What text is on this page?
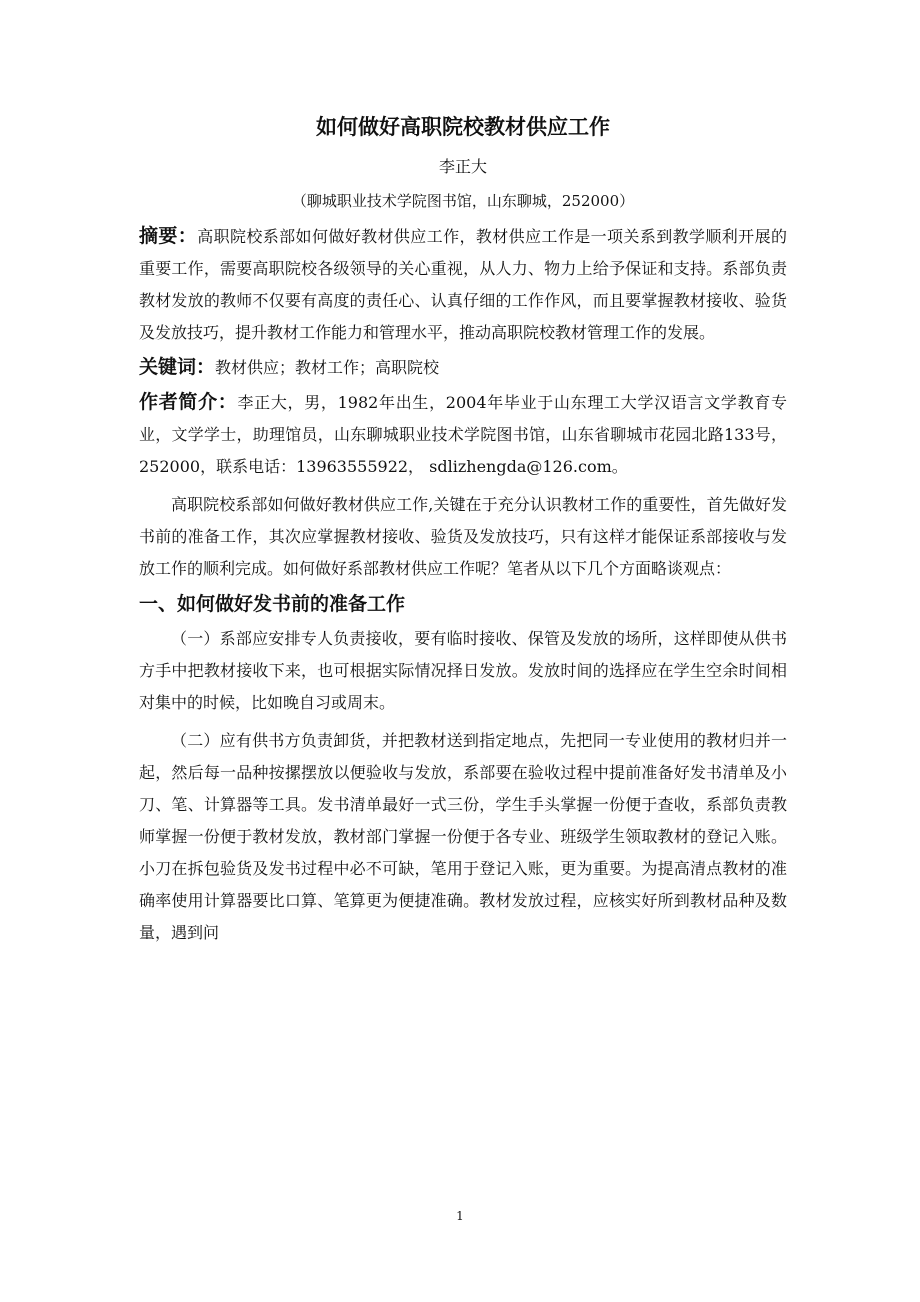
如何做好高职院校教材供应工作
李正大
（聊城职业技术学院图书馆，山东聊城，252000）

摘要：高职院校系部如何做好教材供应工作，教材供应工作是一项关系到教学顺利开展的重要工作，需要高职院校各级领导的关心重视，从人力、物力上给予保证和支持。系部负责教材发放的教师不仅要有高度的责任心、认真仔细的工作作风，而且要掌握教材接收、验货及发放技巧，提升教材工作能力和管理水平，推动高职院校教材管理工作的发展。

关键词：教材供应；教材工作；高职院校

作者简介：李正大，男，1982年出生，2004年毕业于山东理工大学汉语言文学教育专业，文学学士，助理馆员，山东聊城职业技术学院图书馆，山东省聊城市花园北路133号，252000，联系电话：13963555922， sdlizhengda@126.com。

高职院校系部如何做好教材供应工作,关键在于充分认识教材工作的重要性，首先做好发书前的准备工作，其次应掌握教材接收、验货及发放技巧，只有这样才能保证系部接收与发放工作的顺利完成。如何做好系部教材供应工作呢？笔者从以下几个方面略谈观点：

一、如何做好发书前的准备工作

（一）系部应安排专人负责接收，要有临时接收、保管及发放的场所，这样即使从供书方手中把教材接收下来，也可根据实际情况择日发放。发放时间的选择应在学生空余时间相对集中的时候，比如晚自习或周末。

（二）应有供书方负责卸货，并把教材送到指定地点，先把同一专业使用的教材归并一起，然后每一品种按摞摆放以便验收与发放，系部要在验收过程中提前准备好发书清单及小刀、笔、计算器等工具。发书清单最好一式三份，学生手头掌握一份便于查收，系部负责教师掌握一份便于教材发放，教材部门掌握一份便于各专业、班级学生领取教材的登记入账。小刀在拆包验货及发书过程中必不可缺，笔用于登记入账，更为重要。为提高清点教材的准确率使用计算器要比口算、笔算更为便捷准确。教材发放过程，应核实好所到教材品种及数量，遇到问

1
